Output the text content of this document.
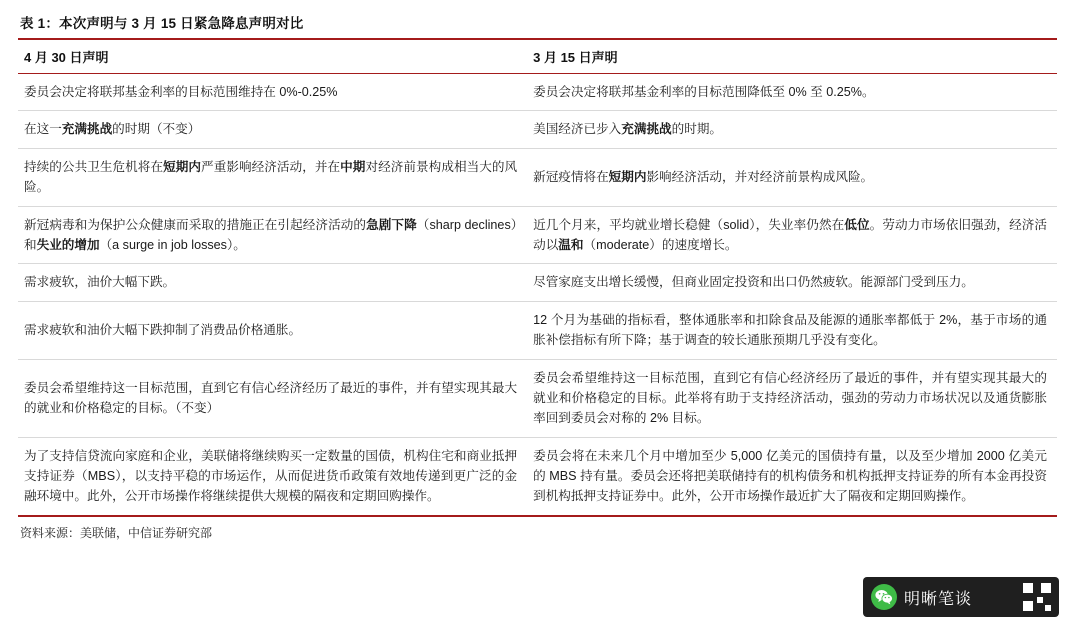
表 1：本次声明与 3 月 15 日紧急降息声明对比
4 月 30 日声明	3 月 15 日声明
委员会决定将联邦基金利率的目标范围维持在 0%-0.25%	委员会决定将联邦基金利率的目标范围降低至 0% 至 0.25%。
在这一充满挑战的时期（不变）	美国经济已步入充满挑战的时期。
持续的公共卫生危机将在短期内严重影响经济活动，并在中期对经济前景构成相当大的风险。	新冠疫情将在短期内影响经济活动，并对经济前景构成风险。
新冠病毒和为保护公众健康而采取的措施正在引起经济活动的急剧下降（sharp declines）和失业的增加（a surge in job losses）。	近几个月来，平均就业增长稳健（solid），失业率仍然在低位。劳动力市场依旧强劲，经济活动以温和（moderate）的速度增长。
需求疲软，油价大幅下跌。	尽管家庭支出增长缓慢，但商业固定投资和出口仍然疲软。能源部门受到压力。
需求疲软和油价大幅下跌抑制了消费品价格通胀。	12 个月为基础的指标看，整体通胀率和扣除食品及能源的通胀率都低于 2%，基于市场的通胀补偿指标有所下降；基于调查的较长通胀预期几乎没有变化。
委员会希望维持这一目标范围，直到它有信心经济经历了最近的事件，并有望实现其最大的就业和价格稳定的目标。（不变）	委员会希望维持这一目标范围，直到它有信心经济经历了最近的事件，并有望实现其最大的就业和价格稳定的目标。此举将有助于支持经济活动，强劲的劳动力市场状况以及通货膨胀率回到委员会对称的 2% 目标。
为了支持信贷流向家庭和企业，美联储将继续购买一定数量的国债，机构住宅和商业抵押支持证券（MBS），以支持平稳的市场运作，从而促进货币政策有效地传递到更广泛的金融环境中。此外，公开市场操作将继续提供大规模的隔夜和定期回购操作。	委员会将在未来几个月中增加至少 5,000 亿美元的国债持有量，以及至少增加 2000 亿美元的 MBS 持有量。委员会还将把美联储持有的机构债务和机构抵押支持证券的所有本金再投资到机构抵押支持证券中。此外，公开市场操作最近扩大了隔夜和定期回购操作。
资料来源：美联储，中信证券研究部
明晰笔谈
